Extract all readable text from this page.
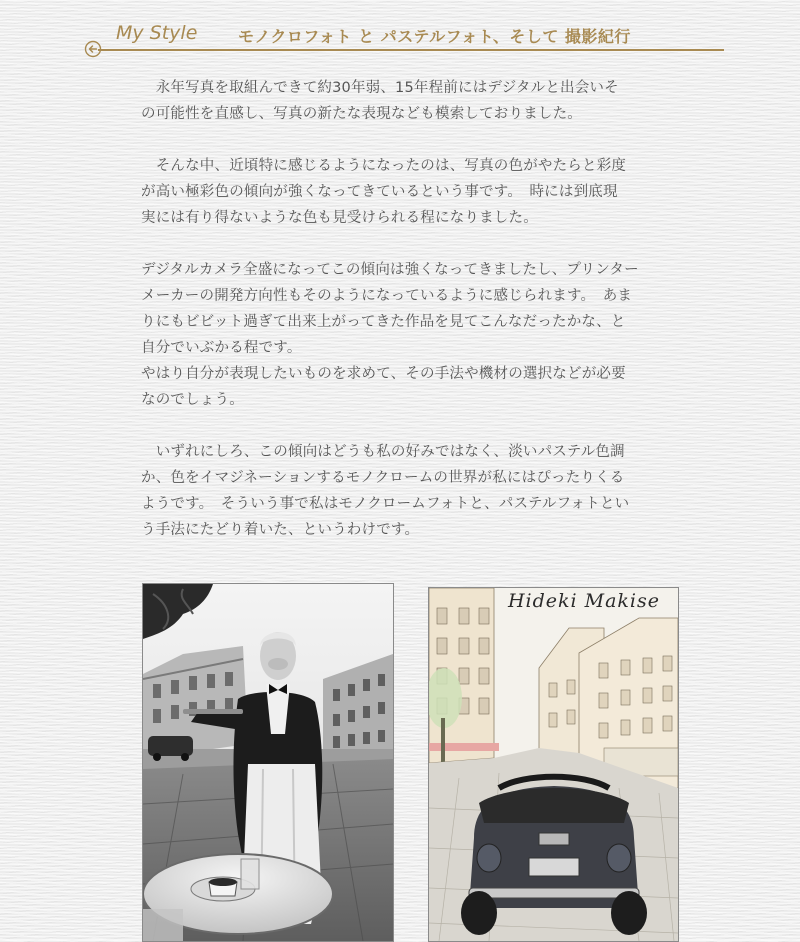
My Style	モノクロフォト と パステルフォト、そして 撮影紀行

　永年写真を取組んできて約30年弱、15年程前にはデジタルと出会いそ
の可能性を直感し、写真の新たな表現なども模索しておりました。

　そんな中、近頃特に感じるようになったのは、写真の色がやたらと彩度
が高い極彩色の傾向が強くなってきているという事です。　時には到底現
実には有り得ないような色も見受けられる程になりました。

デジタルカメラ全盛になってこの傾向は強くなってきましたし、プリンター
メーカーの開発方向性もそのようになっているように感じられます。　あま
りにもビビット過ぎて出来上がってきた作品を見てこんなだったかな、と
自分でいぶかる程です。
やはり自分が表現したいものを求めて、その手法や機材の選択などが必要
なのでしょう。

　いずれにしろ、この傾向はどうも私の好みではなく、淡いパステル色調
か、色をイマジネーションするモノクロームの世界が私にはぴったりくる
ようです。　そういう事で私はモノクロームフォトと、パステルフォトとい
う手法にたどり着いた、というわけです。

Hideki Makise
